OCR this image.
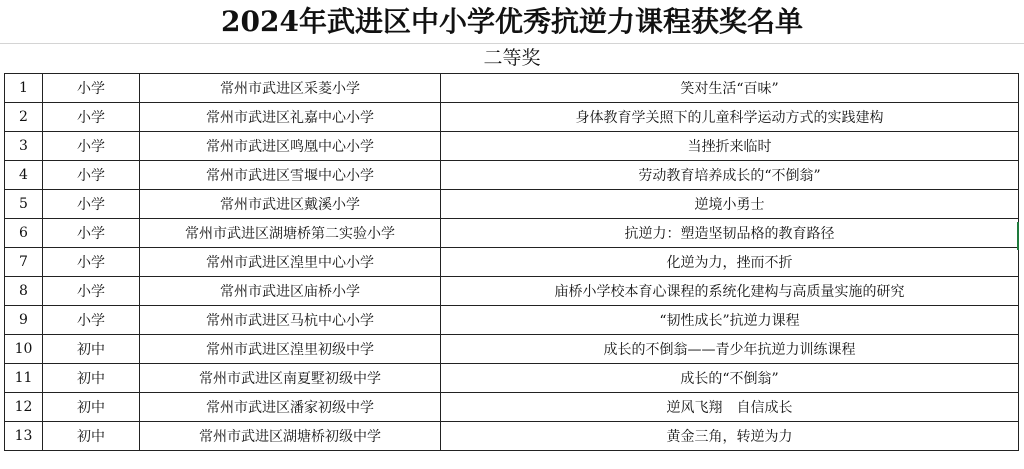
2024年武进区中小学优秀抗逆力课程获奖名单
二等奖
1	小学	常州市武进区采菱小学	笑对生活“百味”
2	小学	常州市武进区礼嘉中心小学	身体教育学关照下的儿童科学运动方式的实践建构
3	小学	常州市武进区鸣凰中心小学	当挫折来临时
4	小学	常州市武进区雪堰中心小学	劳动教育培养成长的“不倒翁”
5	小学	常州市武进区戴溪小学	逆境小勇士
6	小学	常州市武进区湖塘桥第二实验小学	抗逆力：塑造坚韧品格的教育路径
7	小学	常州市武进区湟里中心小学	化逆为力，挫而不折
8	小学	常州市武进区庙桥小学	庙桥小学校本育心课程的系统化建构与高质量实施的研究
9	小学	常州市武进区马杭中心小学	“韧性成长”抗逆力课程
10	初中	常州市武进区湟里初级中学	成长的不倒翁——青少年抗逆力训练课程
11	初中	常州市武进区南夏墅初级中学	成长的“不倒翁”
12	初中	常州市武进区潘家初级中学	逆风飞翔　自信成长
13	初中	常州市武进区湖塘桥初级中学	黄金三角，转逆为力
